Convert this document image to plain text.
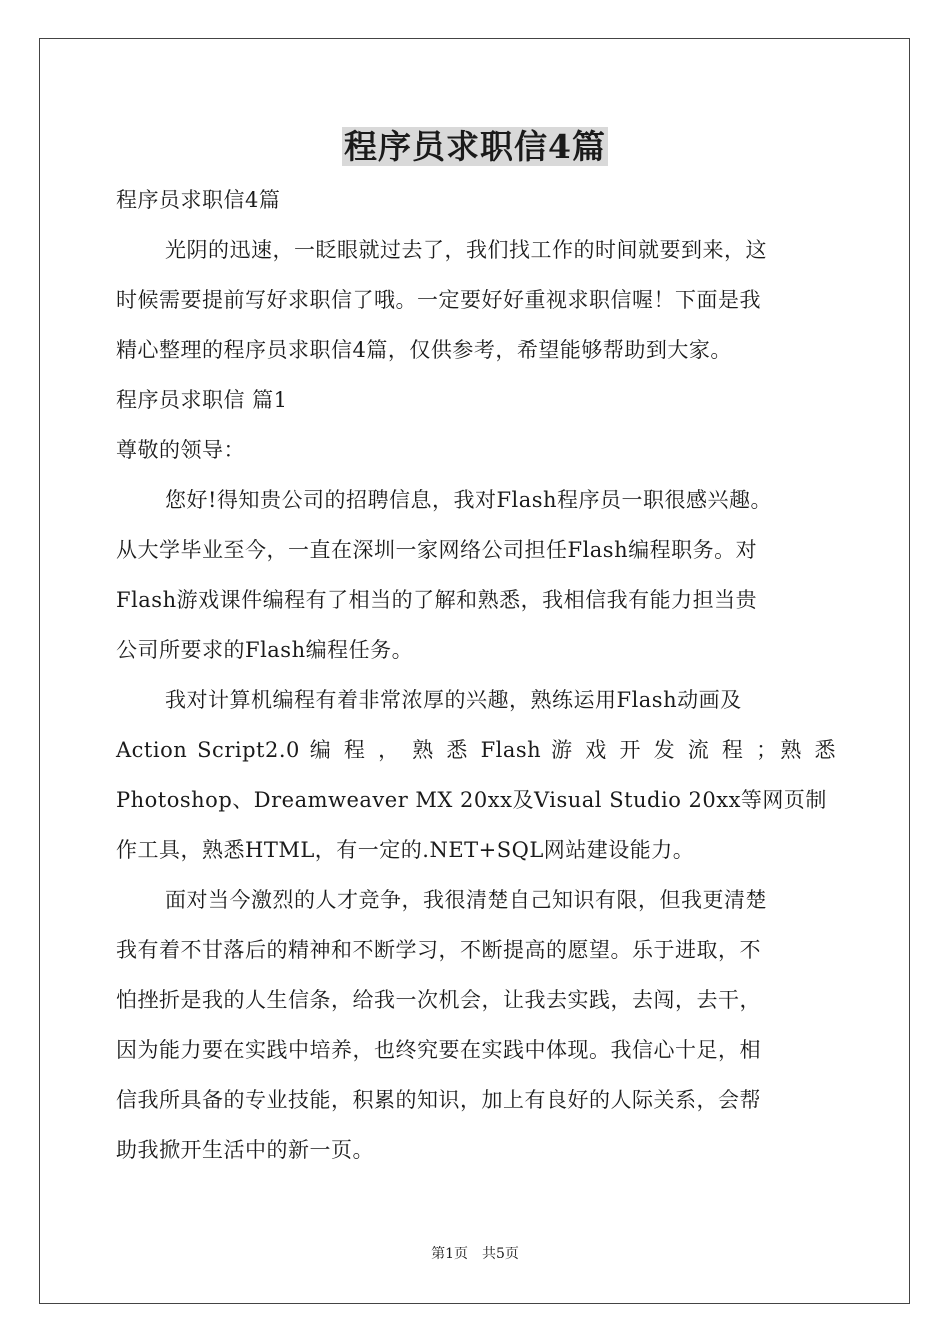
程序员求职信4篇
程序员求职信4篇
光阴的迅速，一眨眼就过去了，我们找工作的时间就要到来，这
时候需要提前写好求职信了哦。一定要好好重视求职信喔！下面是我
精心整理的程序员求职信4篇，仅供参考，希望能够帮助到大家。
程序员求职信 篇1
尊敬的领导：
您好!得知贵公司的招聘信息，我对Flash程序员一职很感兴趣。
从大学毕业至今，一直在深圳一家网络公司担任Flash编程职务。对
Flash游戏课件编程有了相当的了解和熟悉，我相信我有能力担当贵
公司所要求的Flash编程任务。
我对计算机编程有着非常浓厚的兴趣，熟练运用Flash动画及
Action Script2.0 编 程 ， 熟 悉 Flash 游 戏 开 发 流 程 ；熟 悉
Photoshop、Dreamweaver MX 20xx及Visual Studio 20xx等网页制
作工具，熟悉HTML，有一定的.NET+SQL网站建设能力。
面对当今激烈的人才竞争，我很清楚自己知识有限，但我更清楚
我有着不甘落后的精神和不断学习，不断提高的愿望。乐于进取，不
怕挫折是我的人生信条，给我一次机会，让我去实践，去闯，去干，
因为能力要在实践中培养，也终究要在实践中体现。我信心十足，相
信我所具备的专业技能，积累的知识，加上有良好的人际关系，会帮
助我掀开生活中的新一页。
第1页　共5页
